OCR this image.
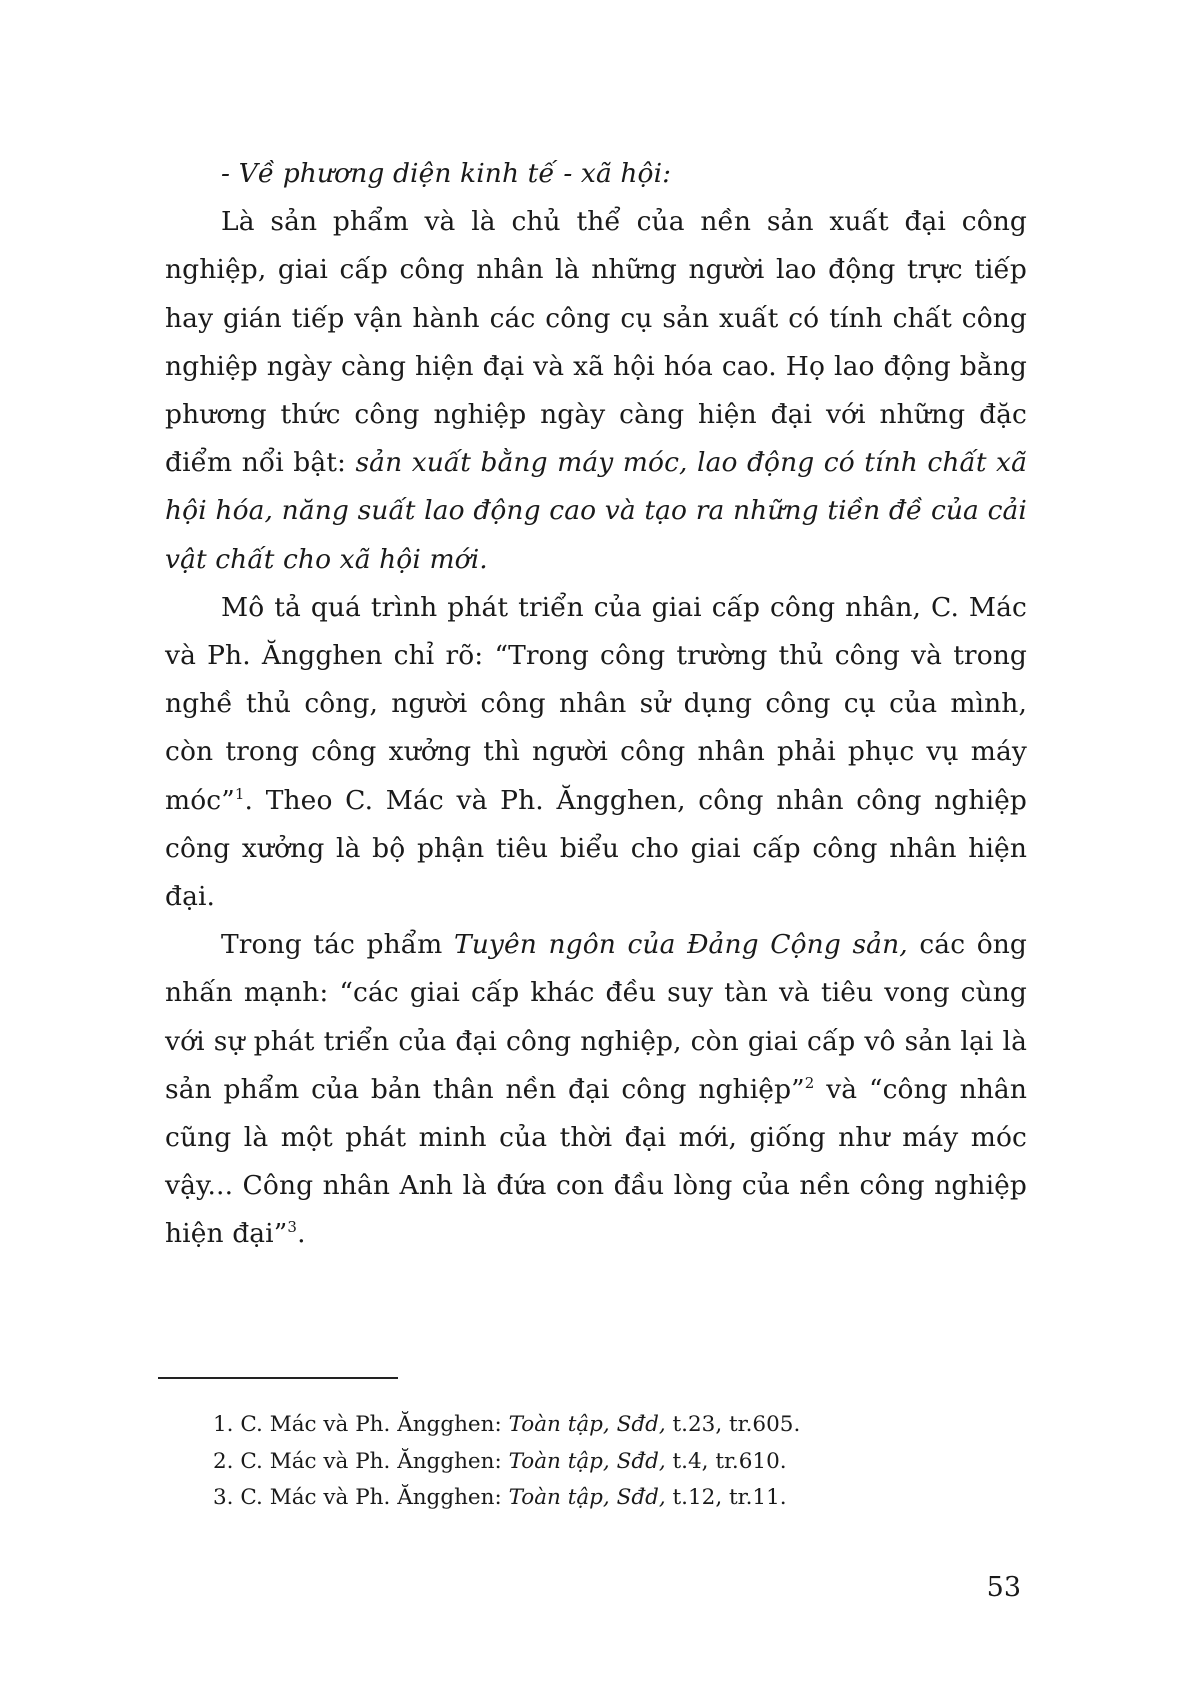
- Về phương diện kinh tế - xã hội:

Là sản phẩm và là chủ thể của nền sản xuất đại công nghiệp, giai cấp công nhân là những người lao động trực tiếp hay gián tiếp vận hành các công cụ sản xuất có tính chất công nghiệp ngày càng hiện đại và xã hội hóa cao. Họ lao động bằng phương thức công nghiệp ngày càng hiện đại với những đặc điểm nổi bật: sản xuất bằng máy móc, lao động có tính chất xã hội hóa, năng suất lao động cao và tạo ra những tiền đề của cải vật chất cho xã hội mới.

Mô tả quá trình phát triển của giai cấp công nhân, C. Mác và Ph. Ăngghen chỉ rõ: “Trong công trường thủ công và trong nghề thủ công, người công nhân sử dụng công cụ của mình, còn trong công xưởng thì người công nhân phải phục vụ máy móc”$^1$. Theo C. Mác và Ph. Ăngghen, công nhân công nghiệp công xưởng là bộ phận tiêu biểu cho giai cấp công nhân hiện đại.

Trong tác phẩm Tuyên ngôn của Đảng Cộng sản, các ông nhấn mạnh: “các giai cấp khác đều suy tàn và tiêu vong cùng với sự phát triển của đại công nghiệp, còn giai cấp vô sản lại là sản phẩm của bản thân nền đại công nghiệp”$^2$ và “công nhân cũng là một phát minh của thời đại mới, giống như máy móc vậy... Công nhân Anh là đứa con đầu lòng của nền công nghiệp hiện đại”$^3$.

1. C. Mác và Ph. Ăngghen: Toàn tập, Sđd, t.23, tr.605.

2. C. Mác và Ph. Ăngghen: Toàn tập, Sđd, t.4, tr.610.

3. C. Mác và Ph. Ăngghen: Toàn tập, Sđd, t.12, tr.11.

53
